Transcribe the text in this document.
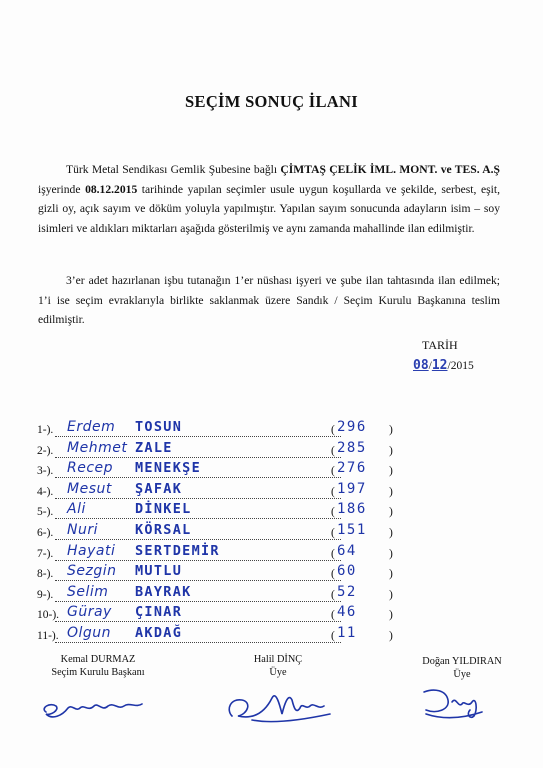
SEÇİM SONUÇ İLANI

Türk Metal Sendikası Gemlik Şubesine bağlı ÇİMTAŞ ÇELİK İML. MONT. ve TES. A.Ş işyerinde 08.12.2015 tarihinde yapılan seçimler usule uygun koşullarda ve şekilde, serbest, eşit, gizli oy, açık sayım ve döküm yoluyla yapılmıştır. Yapılan sayım sonucunda adayların isim – soy isimleri ve aldıkları miktarları aşağıda gösterilmiş ve aynı zamanda mahallinde ilan edilmiştir.

3’er adet hazırlanan işbu tutanağın 1’er nüshası işyeri ve şube ilan tahtasında ilan edilmek; 1’i ise seçim evraklarıyla birlikte saklanmak üzere Sandık / Seçim Kurulu Başkanına teslim edilmiştir.

TARİH
08/12/2015
1-). Erdem TOSUN	( 296 )
2-). Mehmet ZALE	( 285 )
3-). Recep MENEKŞE	( 276 )
4-). Mesut ŞAFAK	( 197 )
5-). Ali	DİNKEL	( 186 )
6-). Nuri	KÖRSAL	( 151 )
7-). Hayati SERTDEMİR	( 64	)
8-). Sezgin MUTLU	( 60	)
9-). Selim BAYRAK	( 52	)
10-). Güray ÇINAR	( 46	)
11-). Olgun AKDAĞ	( 11	)
Kemal DURMAZ
Seçim Kurulu Başkanı
Halil DİNÇ
Üye
Doğan YILDIRAN
Üye
